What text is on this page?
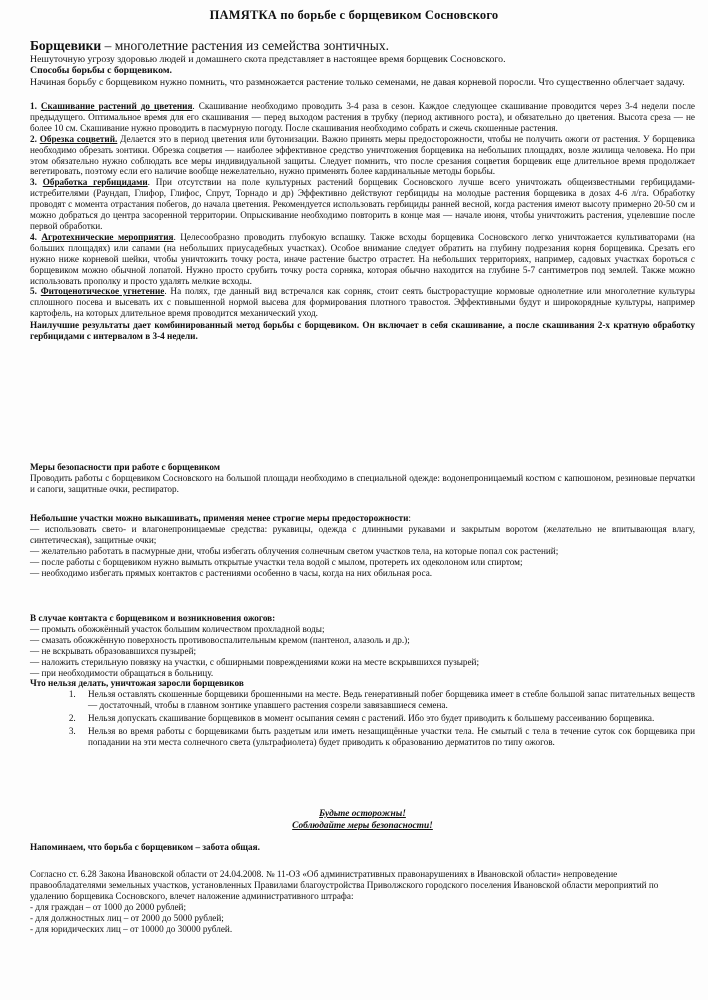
ПАМЯТКА по борьбе с борщевиком Сосновского
Борщевики – многолетние растения из семейства зонтичных.
Нешуточную угрозу здоровью людей и домашнего скота представляет в настоящее время борщевик Сосновского.
Способы борьбы с борщевиком.
Начиная борьбу с борщевиком нужно помнить, что размножается растение только семенами, не давая корневой поросли. Что существенно облегчает задачу.

1. Скашивание растений до цветения. Скашивание необходимо проводить 3-4 раза в сезон. Каждое следующее скашивание проводится через 3-4 недели после предыдущего. Оптимальное время для его скашивания — перед выходом растения в трубку (период активного роста), и обязательно до цветения. Высота среза — не более 10 см. Скашивание нужно проводить в пасмурную погоду. После скашивания необходимо собрать и сжечь скошенные растения.

2. Обрезка соцветий. Делается это в период цветения или бутонизации. Важно принять меры предосторожности, чтобы не получить ожоги от растения. У борщевика необходимо обрезать зонтики. Обрезка соцветия — наиболее эффективное средство уничтожения борщевика на небольших площадях, возле жилища человека. Но при этом обязательно нужно соблюдать все меры индивидуальной защиты. Следует помнить, что после срезания соцветия борщевик еще длительное время продолжает вегетировать, поэтому если его наличие вообще нежелательно, нужно применять более кардинальные методы борьбы.

3. Обработка гербицидами. При отсутствии на поле культурных растений борщевик Сосновского лучше всего уничтожать общеизвестными гербицидами-истребителями (Раундап, Глифор, Глифос, Спрут, Торнадо и др) Эффективно действуют гербициды на молодые растения борщевика в дозах 4-6 л/га. Обработку проводят с момента отрастания побегов, до начала цветения. Рекомендуется использовать гербициды ранней весной, когда растения имеют высоту примерно 20-50 см и можно добраться до центра засоренной территории. Опрыскивание необходимо повторить в конце мая — начале июня, чтобы уничтожить растения, уцелевшие после первой обработки.

4. Агротехнические мероприятия. Целесообразно проводить глубокую вспашку. Также всходы борщевика Сосновского легко уничтожается культиваторами (на больших площадях) или сапами (на небольших приусадебных участках). Особое внимание следует обратить на глубину подрезания корня борщевика. Срезать его нужно ниже корневой шейки, чтобы уничтожить точку роста, иначе растение быстро отрастет. На небольших территориях, например, садовых участках бороться с борщевиком можно обычной лопатой. Нужно просто срубить точку роста сорняка, которая обычно находится на глубине 5-7 сантиметров под землей. Также можно использовать прополку и просто удалять мелкие всходы.

5. Фитоценотическое угнетение. На полях, где данный вид встречался как сорняк, стоит сеять быстрорастущие кормовые однолетние или многолетние культуры сплошного посева и высевать их с повышенной нормой высева для формирования плотного травостоя. Эффективными будут и широкорядные культуры, например картофель, на которых длительное время проводится механический уход.

Наилучшие результаты дает комбинированный метод борьбы с борщевиком. Он включает в себя скашивание, а после скашивания 2-х кратную обработку гербицидами с интервалом в 3-4 недели.

Меры безопасности при работе с борщевиком

Проводить работы с борщевиком Сосновского на большой площади необходимо в специальной одежде: водонепроницаемый костюм с капюшоном, резиновые перчатки и сапоги, защитные очки, респиратор.

Небольшие участки можно выкашивать, применяя менее строгие меры предосторожности:

— использовать свето- и влагонепроницаемые средства: рукавицы, одежда с длинными рукавами и закрытым воротом (желательно не впитывающая влагу, синтетическая), защитные очки;

— желательно работать в пасмурные дни, чтобы избегать облучения солнечным светом участков тела, на которые попал сок растений;

— после работы с борщевиком нужно вымыть открытые участки тела водой с мылом, протереть их одеколоном или спиртом;

— необходимо избегать прямых контактов с растениями особенно в часы, когда на них обильная роса.

В случае контакта с борщевиком и возникновения ожогов:

— промыть обожжённый участок большим количеством прохладной воды;

— смазать обожжённую поверхность противовоспалительным кремом (пантенол, алазоль и др.);

— не вскрывать образовавшихся пузырей;

— наложить стерильную повязку на участки, с обширными повреждениями кожи на месте вскрывшихся пузырей;

— при необходимости обращаться в больницу.

Что нельзя делать, уничтожая заросли борщевиков

1. Нельзя оставлять скошенные борщевики брошенными на месте. Ведь генеративный побег борщевика имеет в стебле большой запас питательных веществ — достаточный, чтобы в главном зонтике упавшего растения созрели завязавшиеся семена.
2. Нельзя допускать скашивание борщевиков в момент осыпания семян с растений. Ибо это будет приводить к большему рассеиванию борщевика.
3. Нельзя во время работы с борщевиками быть раздетым или иметь незащищённые участки тела. Не смытый с тела в течение суток сок борщевика при попадании на эти места солнечного света (ультрафиолета) будет приводить к образованию дерматитов по типу ожогов.

Будьте осторожны!

Соблюдайте меры безопасности!

Напоминаем, что борьба с борщевиком – забота общая.

Согласно ст. 6.28 Закона Ивановской области от 24.04.2008. № 11-ОЗ «Об административных правонарушениях в Ивановской области» непроведение правообладателями земельных участков, установленных Правилами благоустройства Приволжского городского поселения Ивановской области мероприятий по удалению борщевика Сосновского, влечет наложение административного штрафа:

- для граждан – от 1000 до 2000 рублей;

- для должностных лиц – от 2000 до 5000 рублей;

- для юридических лиц – от 10000 до 30000 рублей.
